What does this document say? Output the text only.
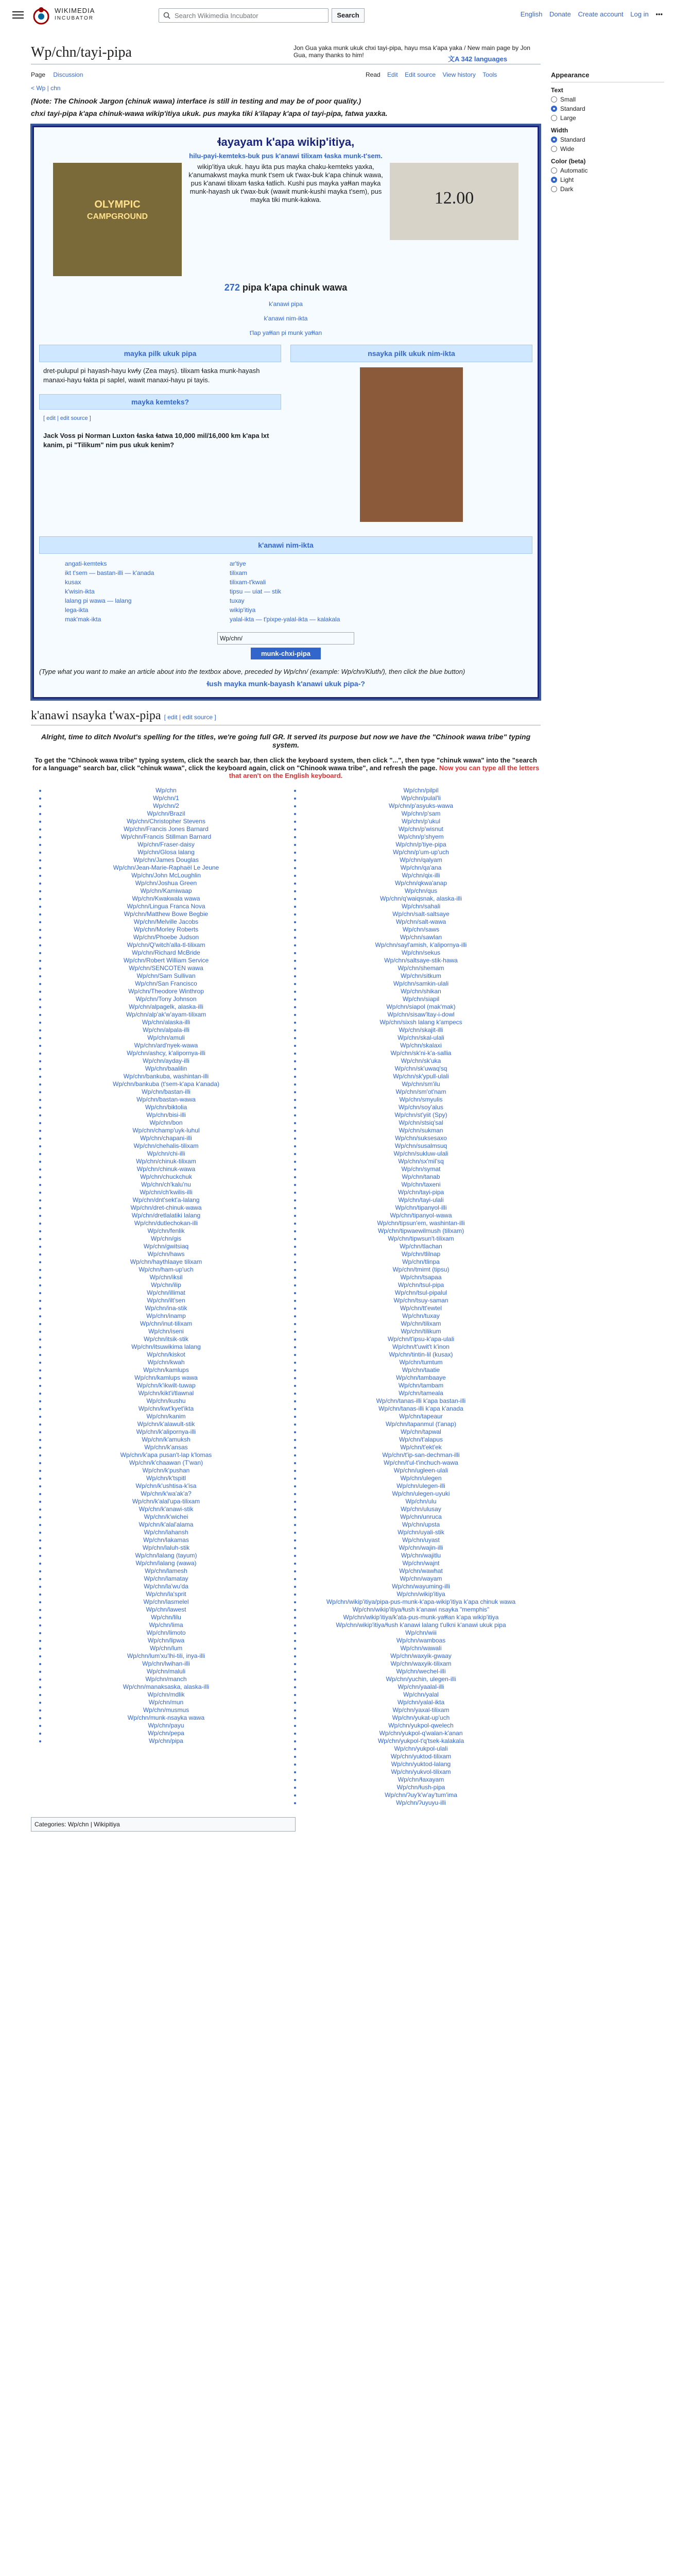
WIKIMEDIA
INCUBATOR	Search Wikimedia Incubator	Search	English Donate Create account Log in •••
Jon Gua yaka munk ukuk chxi tayi-pipa, hayu msa k'apa yaka / New main page by Jon Gua, many thanks to him!
Wp/chn/tayi-pipa	文A 342 languages
Page Discussion	Read Edit Edit source View history Tools	Appearance
Text
Small
Standard
Large
Width
Standard
Wide
Color (beta)
Automatic
Light
Dark
< Wp | chn
(Note: The Chinook Jargon (chinuk wawa) interface is still in testing and may be of poor quality.)
chxi tayi-pipa k'apa chinuk-wawa wikip'itiya ukuk. pus mayka tiki k'ilapay k'apa ol tayi-pipa, fatwa yaxka.
ɬayayam k'apa wikip'itiya,
hilu-payi-kemteks-buk pus k'anawi tilixam ɬaska munk-t'sem.
OLYMPIC
CAMPGROUND
wikip'itiya ukuk. hayu ikta pus mayka chaku-kemteks yaxka, k'anumakwst mayka munk t'sem uk t'wax-buk k'apa chinuk wawa, pus k'anawi tilixam ɬaska ɬatlich. Kushi pus mayka yaɬɬan mayka munk-hayash uk t'wax-buk (wawit munk-kushi mayka t'sem), pus mayka tiki munk-kakwa.	12.00
272 pipa k'apa chinuk wawa
k'anawi pipa
k'anawi nim-ikta
t'lap yaɬɬan pi munk yaɬɬan
mayka pilk ukuk pipa
dret-pulupul pi hayash-hayu kwɬy (Zea mays). tilixam ɬaska munk-hayash manaxi-hayu ɬakta pi saplel, wawit manaxi-hayu pi tayis.
mayka kemteks?
[ edit | edit source ]
Jack Voss pi Norman Luxton ɬaska ɬatwa 10,000 mil/16,000 km k'apa lxt kanim, pi "Tilikum" nim pus ukuk kenim?
nsayka pilk ukuk nim-ikta
k'anawi nim-ikta
angati-kemteks
ikt t'sem — bastan-illi — k'anada
kusax
k'wisin-ikta
lalang pi wawa — lalang
lega-ikta
mak'mak-ikta
ar'tiye
tilixam
tilixam-t'kwali
tipsu — uiat — stik
tuxay
wikip'itiya
yalal-ikta — t'pixpe-yalal-ikta — kalakala
Wp/chn/
munk-chxi-pipa
(Type what you want to make an article about into the textbox above, preceded by Wp/chn/ (example: Wp/chn/Kluth/), then click the blue button)
ɬush mayka munk-bayash k'anawi ukuk pipa-?
k'anawi nsayka t'wax-pipa [ edit | edit source ]
Alright, time to ditch Nvolut's spelling for the titles, we're going full GR. It served its purpose but now we have the "Chinook wawa tribe" typing system.
To get the "Chinook wawa tribe" typing system, click the search bar, then click the keyboard system, then click "...", then type "chinuk wawa" into the "search for a language" search bar, click "chinuk wawa", click the keyboard again, click on "Chinook wawa tribe", and refresh the page. Now you can type all the letters that aren't on the English keyboard.
• Wp/chn
• Wp/chn/1
• Wp/chn/2
• Wp/chn/Brazil
• Wp/chn/Christopher Stevens
• Wp/chn/Francis Jones Barnard
• Wp/chn/Francis Stillman Barnard
• Wp/chn/Fraser-daisy
• Wp/chn/Glosa lalang
• Wp/chn/James Douglas
• Wp/chn/Jean-Marie-Raphaël Le Jeune
• Wp/chn/John McLoughlin
• Wp/chn/Joshua Green
• Wp/chn/Kamiwaap
• Wp/chn/Kwakwala wawa
• Wp/chn/Lingua Franca Nova
• Wp/chn/Matthew Bowe Begbie
• Wp/chn/Melville Jacobs
• Wp/chn/Morley Roberts
• Wp/chn/Phoebe Judson
• Wp/chn/Q'witch'alla-tl-tilixam
• Wp/chn/Richard McBride
• Wp/chn/Robert William Service
• Wp/chn/SENCOTEN wawa
• Wp/chn/Sam Sullivan
• Wp/chn/San Francisco
• Wp/chn/Theodore Winthrop
• Wp/chn/Tony Johnson
• Wp/chn/alpagelk, alaska-illi
• Wp/chn/alp'ak'w'ayam-tilixam
• Wp/chn/alaska-illi
• Wp/chn/alpala-illi
• Wp/chn/amuli
• Wp/chn/ard'nyek-wawa
• Wp/chn/ashcy, k'alipornya-illi
• Wp/chn/ayday-illi
• Wp/chn/baalilin
• Wp/chn/bankuba, washintan-illi
• Wp/chn/bankuba (t'sem-k'apa k'anada)
• Wp/chn/bastan-illi
• Wp/chn/bastan-wawa
• Wp/chn/biktolia
• Wp/chn/bisi-illi
• Wp/chn/bon
• Wp/chn/champ'uyk-luhul
• Wp/chn/chapani-illi
• Wp/chn/chehalis-tilixam
• Wp/chn/chi-illi
• Wp/chn/chinuk-tilixam
• Wp/chn/chinuk-wawa
• Wp/chn/chuckchuk
• Wp/chn/ch'kalu'nu
• Wp/chn/ch'kwilis-illi
• Wp/chn/dnt'sekt'a-lalang
• Wp/chn/dret-chinuk-wawa
• Wp/chn/dretlalatiki lalang
• Wp/chn/dutlechokan-illi
• Wp/chn/fenlik
• Wp/chn/gis
• Wp/chn/gwitsiaq
• Wp/chn/haws
• Wp/chn/haythlaaye tilixam
• Wp/chn/ham-up'uch
• Wp/chn/iksil
• Wp/chn/ilip
• Wp/chn/illimat
• Wp/chn/ilt'sen
• Wp/chn/ina-stik
• Wp/chn/inamp
• Wp/chn/inut-tilixam
• Wp/chn/iseni
• Wp/chn/itsik-stik
• Wp/chn/itsuwikima lalang
• Wp/chn/kiskot
• Wp/chn/kwah
• Wp/chn/kamlups
• Wp/chn/kamlups wawa
• Wp/chn/k'ikwilt-tuwap
• Wp/chn/kikt'i/tlawnal
• Wp/chn/kushu
• Wp/chn/kwt'kyet'ikta
• Wp/chn/kanim
• Wp/chn/k'alawult-stik
• Wp/chn/k'alipornya-illi
• Wp/chn/k'amuksh
• Wp/chn/k'ansas
• Wp/chn/k'apa pusan't-lap k'lomas
• Wp/chn/k'chaawan (T'wan)
• Wp/chn/k'pushan
• Wp/chn/k'tspitl
• Wp/chn/k'ushtisa-k'isa
• Wp/chn/k'wa'ak'a?
• Wp/chn/k'alal'upa-tilixam
• Wp/chn/k'anawi-stik
• Wp/chn/k'wichei
• Wp/chn/k'alal'alama
• Wp/chn/lahansh
• Wp/chn/lakamas
• Wp/chn/laluh-stik
• Wp/chn/lalang (tayum)
• Wp/chn/lalang (wawa)
• Wp/chn/lamesh
• Wp/chn/lamatay
• Wp/chn/la'wu'da
• Wp/chn/la'sprit
• Wp/chn/lasmelel
• Wp/chn/lawest
• Wp/chn/lilu
• Wp/chn/lima
• Wp/chn/limoto
• Wp/chn/lipwa
• Wp/chn/lum
• Wp/chn/lum'xu'lhi-tili, inya-illi
• Wp/chn/lwihan-illi
• Wp/chn/maluli
• Wp/chn/manch
• Wp/chn/manaksaska, alaska-illi
• Wp/chn/mdlik
• Wp/chn/mun
• Wp/chn/musmus
• Wp/chn/munk-nsayka wawa
• Wp/chn/payu
• Wp/chn/pepa
• Wp/chn/pipa
• Wp/chn/pilpil
• Wp/chn/pulal'li
• Wp/chn/p'asyuks-wawa
• Wp/chn/p'sam
• Wp/chn/p'ukul
• Wp/chn/p'wisnut
• Wp/chn/p'shyem
• Wp/chn/p'tiye-pipa
• Wp/chn/p'um-up'uch
• Wp/chn/qalyam
• Wp/chn/qa'ana
• Wp/chn/qix-illi
• Wp/chn/qkwa'anap
• Wp/chn/qus
• Wp/chn/q'waiqsnak, alaska-illi
• Wp/chn/sahali
• Wp/chn/salt-saltsaye
• Wp/chn/salt-wawa
• Wp/chn/saws
• Wp/chn/sawlan
• Wp/chn/sayl'amish, k'alipornya-illi
• Wp/chn/sekus
• Wp/chn/saltsaye-stik-hawa
• Wp/chn/shemam
• Wp/chn/sitkum
• Wp/chn/samkin-ulali
• Wp/chn/shikan
• Wp/chn/siapil
• Wp/chn/siapol (mak'mak)
• Wp/chn/sisaw'ltay-i-dowl
• Wp/chn/sixsh lalang k'ampecs
• Wp/chn/skajit-illi
• Wp/chn/skal-ulali
• Wp/chn/skalaxi
• Wp/chn/sk'ni-k'a-sallia
• Wp/chn/sk'uka
• Wp/chn/sk'uwaq'sq
• Wp/chn/sk'ypull-ulali
• Wp/chn/sm'ilu
• Wp/chn/sm'ot'nam
• Wp/chn/smyulis
• Wp/chn/soy'alus
• Wp/chn/st'yiit (Spy)
• Wp/chn/stsiq'sal
• Wp/chn/sukman
• Wp/chn/suksesaxo
• Wp/chn/susalmsuq
• Wp/chn/sukluw-ulali
• Wp/chn/sx'mil'sq
• Wp/chn/symat
• Wp/chn/tanab
• Wp/chn/taxeni
• Wp/chn/tayi-pipa
• Wp/chn/tayi-ulali
• Wp/chn/tipanyol-illi
• Wp/chn/tipanyol-wawa
• Wp/chn/tipsun'em, washintan-illi
• Wp/chn/tipwaewilmush (tilixam)
• Wp/chn/tipwsun't-tilixam
• Wp/chn/tlachan
• Wp/chn/tlilnap
• Wp/chn/tlinpa
• Wp/chn/tmimt (tipsu)
• Wp/chn/tsapaa
• Wp/chn/tsul-pipa
• Wp/chn/tsul-pipalul
• Wp/chn/tsuy-saman
• Wp/chn/tt'ewtel
• Wp/chn/tuxay
• Wp/chn/tilixam
• Wp/chn/tilikum
• Wp/chn/t'ipsu-k'apa-ulali
• Wp/chn/t'uwit't k'inon
• Wp/chn/tintin-lil (kusax)
• Wp/chn/tumtum
• Wp/chn/taatie
• Wp/chn/tambaaye
• Wp/chn/tambam
• Wp/chn/tameala
• Wp/chn/tanas-illi k'apa bastan-illi
• Wp/chn/tanas-illi k'apa k'anada
• Wp/chn/tapeaur
• Wp/chn/tapanmul (t'anap)
• Wp/chn/tapwal
• Wp/chn/t'alapus
• Wp/chn/t'ekt'ek
• Wp/chn/t'ip-san-dechman-illi
• Wp/chn/t'ul-t'inchuch-wawa
• Wp/chn/ugleen-ulali
• Wp/chn/ulegen
• Wp/chn/ulegen-illi
• Wp/chn/ulegen-uyuki
• Wp/chn/ulu
• Wp/chn/ulusay
• Wp/chn/unruca
• Wp/chn/upsta
• Wp/chn/uyali-stik
• Wp/chn/uyast
• Wp/chn/wajin-illi
• Wp/chn/wajitlu
• Wp/chn/wajnt
• Wp/chn/wawhat
• Wp/chn/wayam
• Wp/chn/wayuming-illi
• Wp/chn/wikip'itiya
• Wp/chn/wikip'itiya/pipa-pus-munk-k'apa-wikip'itiya k'apa chinuk wawa
• Wp/chn/wikip'itiya/ɬush k'anawi nsayka "memphis"
• Wp/chn/wikip'itiya/k'ata-pus-munk-yaɬɬan k'apa wikip'itiya
• Wp/chn/wikip'itiya/ɬush k'anawi lalang t'ulkni k'anawi ukuk pipa
• Wp/chn/wiii
• Wp/chn/wamboas
• Wp/chn/wawali
• Wp/chn/waxyik-gwaay
• Wp/chn/waxyik-tilixam
• Wp/chn/wechel-illi
• Wp/chn/yuchin, ulegen-illi
• Wp/chn/yaalal-illi
• Wp/chn/yalal
• Wp/chn/yalal-ikta
• Wp/chn/yaxal-tilixam
• Wp/chn/yukat-up'uch
• Wp/chn/yukpol-qwelech
• Wp/chn/yukpol-q'walan-k'anan
• Wp/chn/yukpol-t'q'tsek-kalakala
• Wp/chn/yukpol-ulali
• Wp/chn/yuktod-tilixam
• Wp/chn/yuktod-lalang
• Wp/chn/yukvol-tilixam
• Wp/chn/ɬaxayam
• Wp/chn/ɬush-pipa
• Wp/chn/ʔuy'k'w'ay'tum'ima
• Wp/chn/ʔuyuyu-illi
Categories: Wp/chn | Wikipitiya
